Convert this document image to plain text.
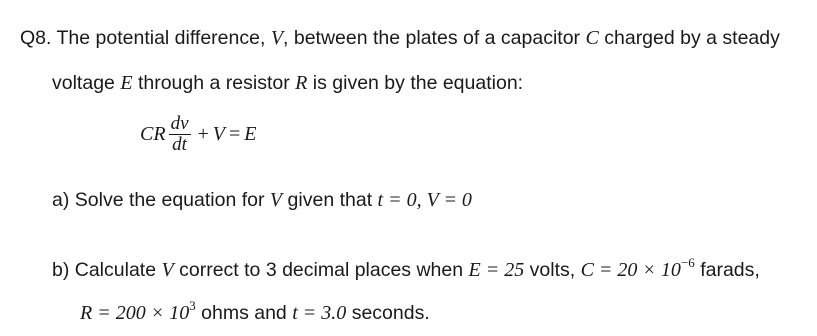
Q8. The potential difference, V, between the plates of a capacitor C charged by a steady
voltage E through a resistor R is given by the equation:
CR $\frac{dv}{dt} + V = E$
a) Solve the equation for V given that t = 0, V = 0
b) Calculate V correct to 3 decimal places when E = 25 volts, $C = 20 \times 10^{-6}$ farads,
$R = 200 \times 10^3$ ohms and t = 3.0 seconds.
